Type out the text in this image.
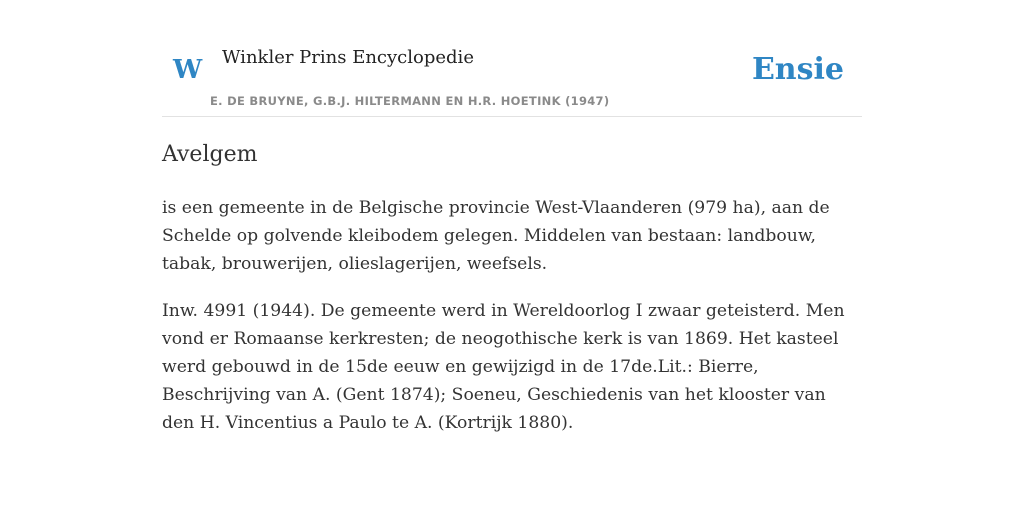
W Winkler Prins Encyclopedie
E. DE BRUYNE, G.B.J. HILTERMANN EN H.R. HOETINK (1947)
Ensie
Avelgem

is een gemeente in de Belgische provincie West-Vlaanderen (979 ha), aan de Schelde op golvende kleibodem gelegen. Middelen van bestaan: landbouw, tabak, brouwerijen, olieslagerijen, weefsels.

Inw. 4991 (1944). De gemeente werd in Wereldoorlog I zwaar geteisterd. Men vond er Romaanse kerkresten; de neogothische kerk is van 1869. Het kasteel werd gebouwd in de 15de eeuw en gewijzigd in de 17de.Lit.: Bierre, Beschrijving van A. (Gent 1874); Soeneu, Geschiedenis van het klooster van den H. Vincentius a Paulo te A. (Kortrijk 1880).
